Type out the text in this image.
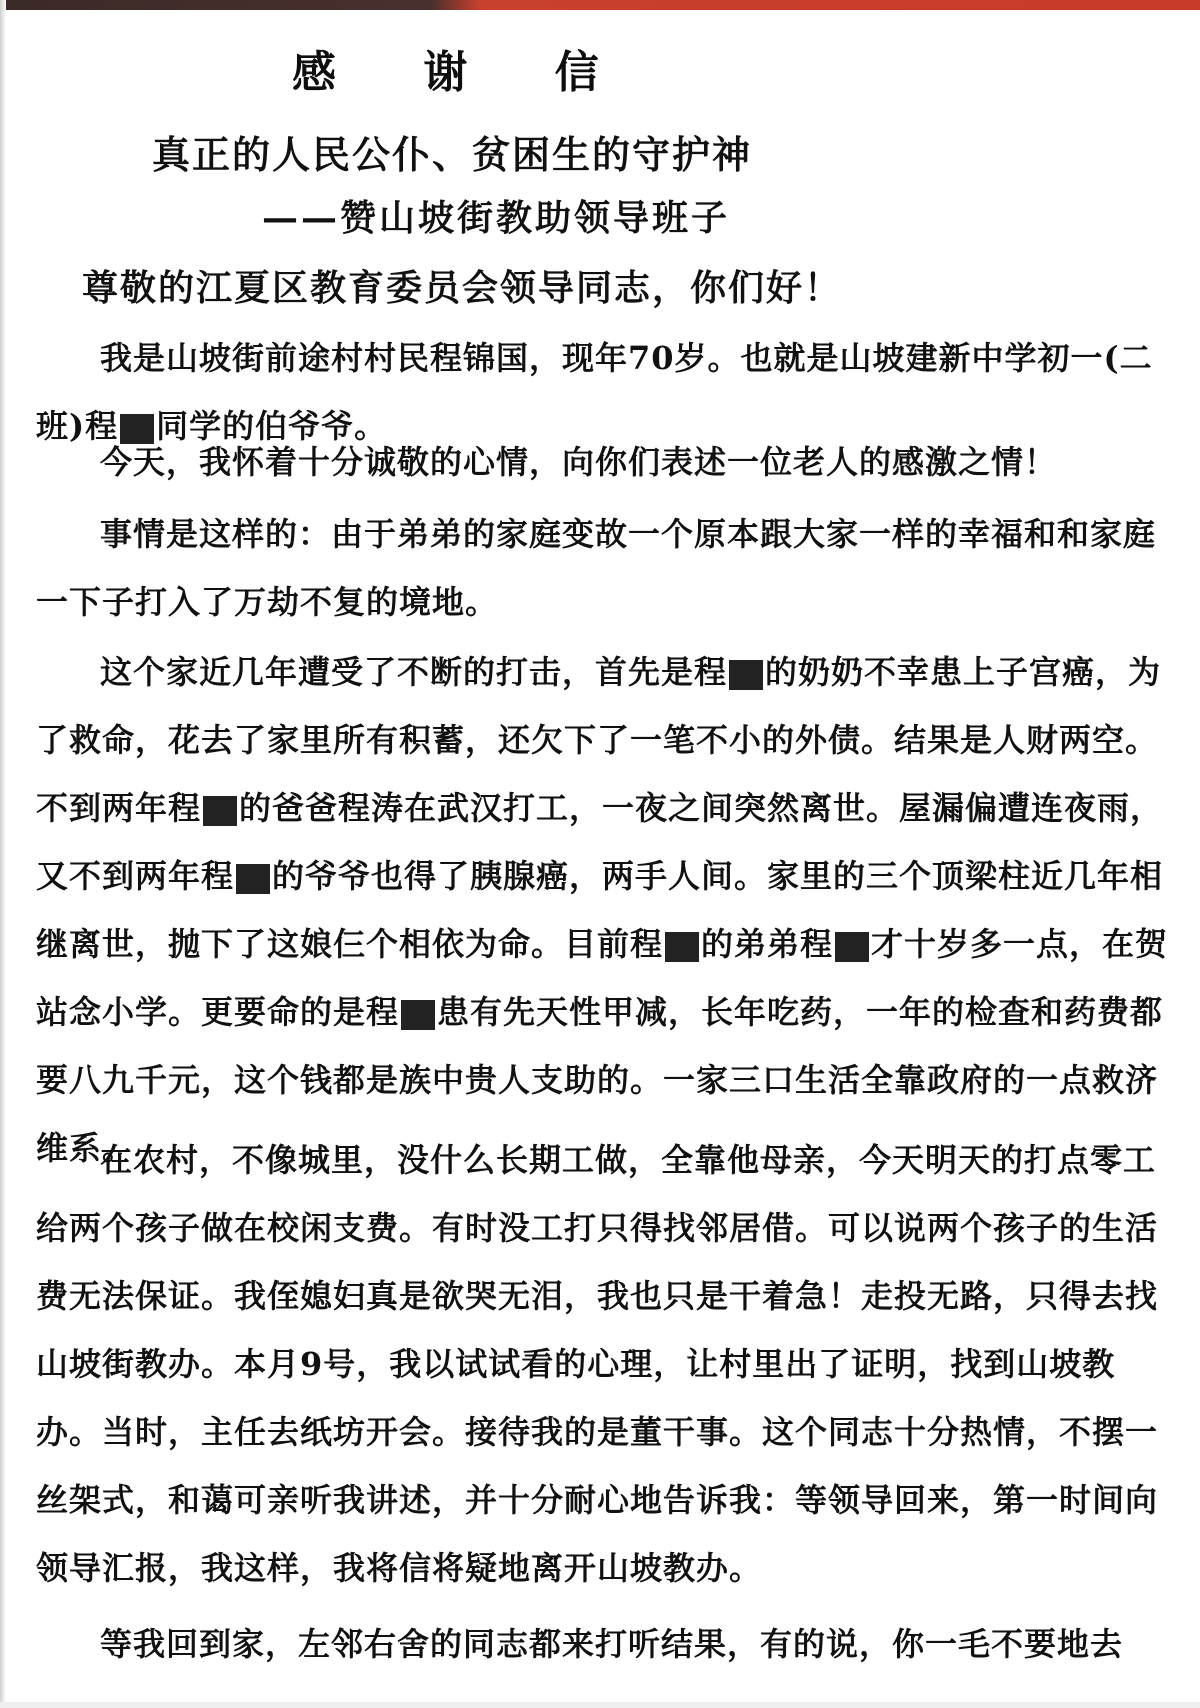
感 谢 信
真正的人民公仆、贫困生的守护神
——赞山坡街教助领导班子
尊敬的江夏区教育委员会领导同志，你们好！

我是山坡街前途村村民程锦国，现年70岁。也就是山坡建新中学初一(二班)程 同学的伯爷爷。

今天，我怀着十分诚敬的心情，向你们表述一位老人的感激之情！

事情是这样的：由于弟弟的家庭变故一个原本跟大家一样的幸福和和家庭一下子打入了万劫不复的境地。

这个家近几年遭受了不断的打击，首先是程 的奶奶不幸患上子宫癌，为了救命，花去了家里所有积蓄，还欠下了一笔不小的外债。结果是人财两空。不到两年程 的爸爸程涛在武汉打工，一夜之间突然离世。屋漏偏遭连夜雨，又不到两年程 的爷爷也得了胰腺癌，两手人间。家里的三个顶梁柱近几年相继离世，抛下了这娘仨个相依为命。目前程 的弟弟程 才十岁多一点，在贺站念小学。更要命的是程 患有先天性甲减，长年吃药，一年的检查和药费都要八九千元，这个钱都是族中贵人支助的。一家三口生活全靠政府的一点救济维系。

在农村，不像城里，没什么长期工做，全靠他母亲，今天明天的打点零工给两个孩子做在校闲支费。有时没工打只得找邻居借。可以说两个孩子的生活费无法保证。我侄媳妇真是欲哭无泪，我也只是干着急！走投无路，只得去找山坡街教办。本月9号，我以试试看的心理，让村里出了证明，找到山坡教办。当时，主任去纸坊开会。接待我的是董干事。这个同志十分热情，不摆一丝架式，和蔼可亲听我讲述，并十分耐心地告诉我：等领导回来，第一时间向领导汇报，我这样，我将信将疑地离开山坡教办。

等我回到家，左邻右舍的同志都来打听结果，有的说，你一毛不要地去
